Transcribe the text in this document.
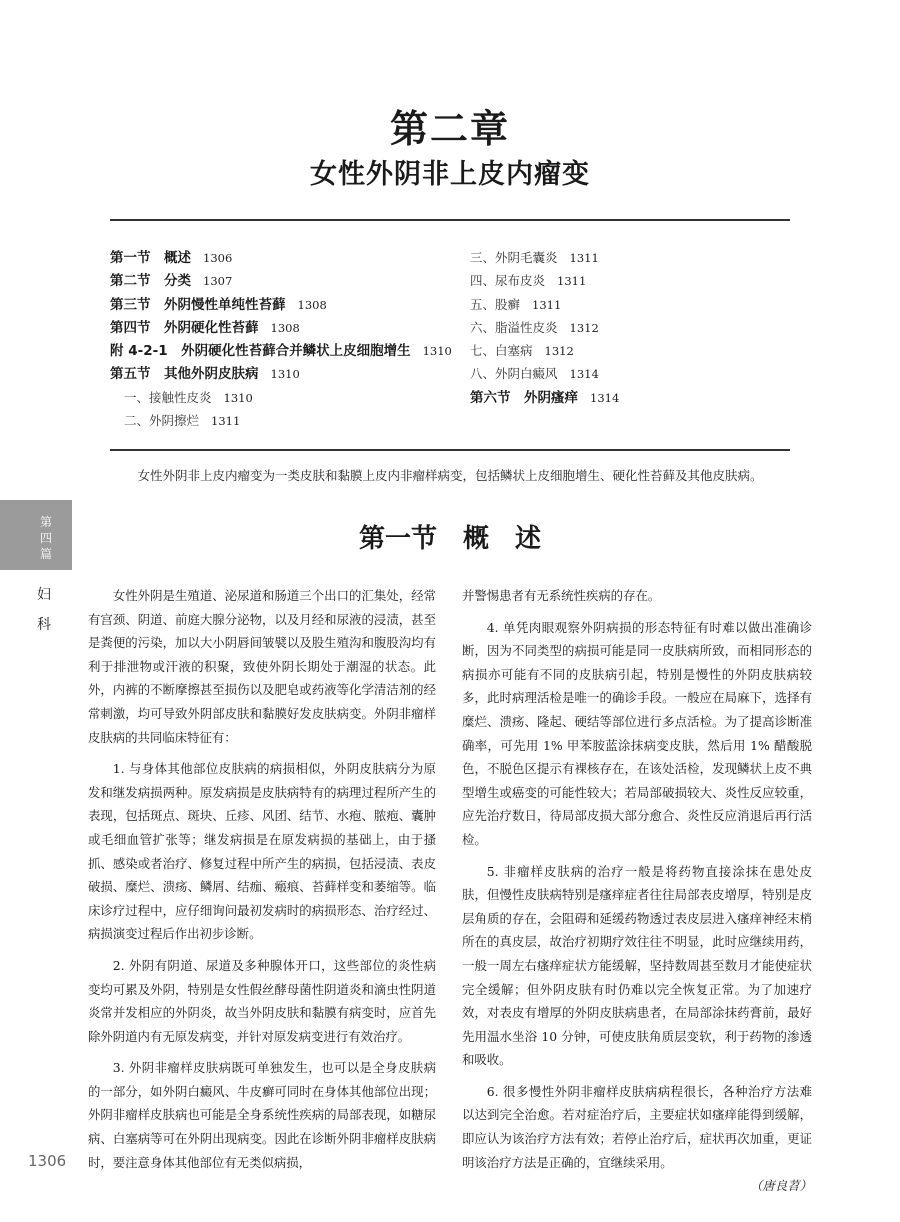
第二章
女性外阴非上皮内瘤变
第一节　概述 1306
第二节　分类 1307
第三节　外阴慢性单纯性苔藓 1308
第四节　外阴硬化性苔藓 1308
附 4-2-1　外阴硬化性苔藓合并鳞状上皮细胞增生 1310
第五节　其他外阴皮肤病 1310
一、接触性皮炎 1310
二、外阴擦烂 1311
三、外阴毛囊炎 1311
四、尿布皮炎 1311
五、股癣 1311
六、脂溢性皮炎 1312
七、白塞病 1312
八、外阴白癜风 1314
第六节　外阴瘙痒 1314
女性外阴非上皮内瘤变为一类皮肤和黏膜上皮内非瘤样病变，包括鳞状上皮细胞增生、硬化性苔藓及其他皮肤病。
第
四
篇
妇
科
第一节　概　述

女性外阴是生殖道、泌尿道和肠道三个出口的汇集处，经常有宫颈、阴道、前庭大腺分泌物，以及月经和尿液的浸渍，甚至是粪便的污染，加以大小阴唇间皱襞以及股生殖沟和腹股沟均有利于排泄物或汗液的积聚，致使外阴长期处于潮湿的状态。此外，内裤的不断摩擦甚至损伤以及肥皂或药液等化学清洁剂的经常刺激，均可导致外阴部皮肤和黏膜好发皮肤病变。外阴非瘤样皮肤病的共同临床特征有：

1. 与身体其他部位皮肤病的病损相似，外阴皮肤病分为原发和继发病损两种。原发病损是皮肤病特有的病理过程所产生的表现，包括斑点、斑块、丘疹、风团、结节、水疱、脓疱、囊肿或毛细血管扩张等；继发病损是在原发病损的基础上，由于搔抓、感染或者治疗、修复过程中所产生的病损，包括浸渍、表皮破损、糜烂、溃疡、鳞屑、结痂、瘢痕、苔藓样变和萎缩等。临床诊疗过程中，应仔细询问最初发病时的病损形态、治疗经过、病损演变过程后作出初步诊断。

2. 外阴有阴道、尿道及多种腺体开口，这些部位的炎性病变均可累及外阴，特别是女性假丝酵母菌性阴道炎和滴虫性阴道炎常并发相应的外阴炎，故当外阴皮肤和黏膜有病变时，应首先除外阴道内有无原发病变，并针对原发病变进行有效治疗。

3. 外阴非瘤样皮肤病既可单独发生，也可以是全身皮肤病的一部分，如外阴白癜风、牛皮癣可同时在身体其他部位出现；外阴非瘤样皮肤病也可能是全身系统性疾病的局部表现，如糖尿病、白塞病等可在外阴出现病变。因此在诊断外阴非瘤样皮肤病时，要注意身体其他部位有无类似病损，

并警惕患者有无系统性疾病的存在。

4. 单凭肉眼观察外阴病损的形态特征有时难以做出准确诊断，因为不同类型的病损可能是同一皮肤病所致，而相同形态的病损亦可能有不同的皮肤病引起，特别是慢性的外阴皮肤病较多，此时病理活检是唯一的确诊手段。一般应在局麻下，选择有糜烂、溃疡、隆起、硬结等部位进行多点活检。为了提高诊断准确率，可先用 1% 甲苯胺蓝涂抹病变皮肤，然后用 1% 醋酸脱色，不脱色区提示有裸核存在，在该处活检，发现鳞状上皮不典型增生或癌变的可能性较大；若局部破损较大、炎性反应较重，应先治疗数日，待局部皮损大部分愈合、炎性反应消退后再行活检。

5. 非瘤样皮肤病的治疗一般是将药物直接涂抹在患处皮肤，但慢性皮肤病特别是瘙痒症者往往局部表皮增厚，特别是皮层角质的存在，会阻碍和延缓药物透过表皮层进入瘙痒神经末梢所在的真皮层，故治疗初期疗效往往不明显，此时应继续用药，一般一周左右瘙痒症状方能缓解，坚持数周甚至数月才能使症状完全缓解；但外阴皮肤有时仍难以完全恢复正常。为了加速疗效，对表皮有增厚的外阴皮肤病患者，在局部涂抹药膏前，最好先用温水坐浴 10 分钟，可使皮肤角质层变软，利于药物的渗透和吸收。

6. 很多慢性外阴非瘤样皮肤病病程很长，各种治疗方法难以达到完全治愈。若对症治疗后，主要症状如瘙痒能得到缓解，即应认为该治疗方法有效；若停止治疗后，症状再次加重，更证明该治疗方法是正确的，宜继续采用。

（唐良苕）
1306
